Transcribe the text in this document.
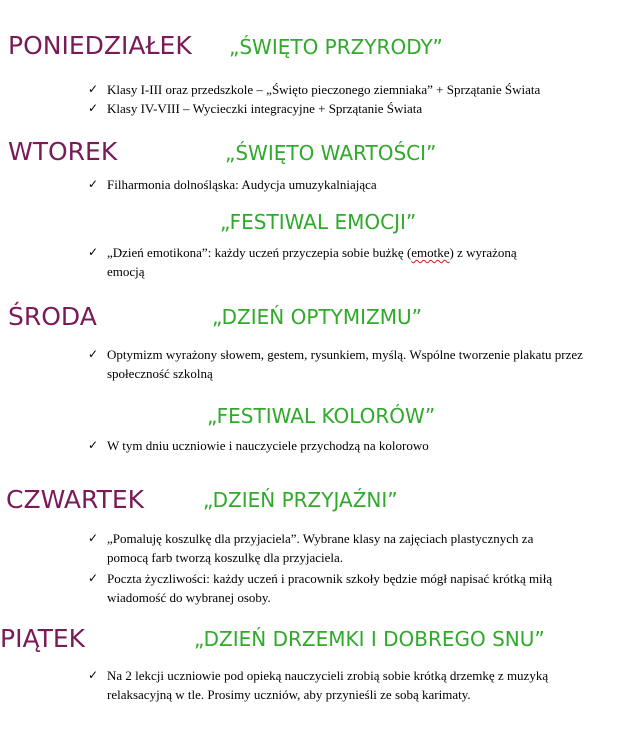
PONIEDZIAŁEK „ŚWIĘTO PRZYRODY”
✓ Klasy I-III oraz przedszkole – „Święto pieczonego ziemniaka” + Sprzątanie Świata
✓ Klasy IV-VIII – Wycieczki integracyjne + Sprzątanie Świata
WTOREK	„ŚWIĘTO WARTOŚCI”
✓ Filharmonia dolnośląska: Audycja umuzykalniająca
„FESTIWAL EMOCJI”
✓ „Dzień emotikona”: każdy uczeń przyczepia sobie bużkę (emotke) z wyrażoną emocją
ŚRODA	„DZIEŃ OPTYMIZMU”
✓ Optymizm wyrażony słowem, gestem, rysunkiem, myślą. Wspólne tworzenie plakatu przez społeczność szkolną
„FESTIWAL KOLORÓW”
✓ W tym dniu uczniowie i nauczyciele przychodzą na kolorowo
CZWARTEK	„DZIEŃ PRZYJAŹNI”
✓ „Pomaluję koszulkę dla przyjaciela”. Wybrane klasy na zajęciach plastycznych za pomocą farb tworzą koszulkę dla przyjaciela.
✓ Poczta życzliwości: każdy uczeń i pracownik szkoły będzie mógł napisać krótką miłą wiadomość do wybranej osoby.
PIĄTEK	„DZIEŃ DRZEMKI I DOBREGO SNU”
✓ Na 2 lekcji uczniowie pod opieką nauczycieli zrobią sobie krótką drzemkę z muzyką relaksacyjną w tle. Prosimy uczniów, aby przynieśli ze sobą karimaty.
